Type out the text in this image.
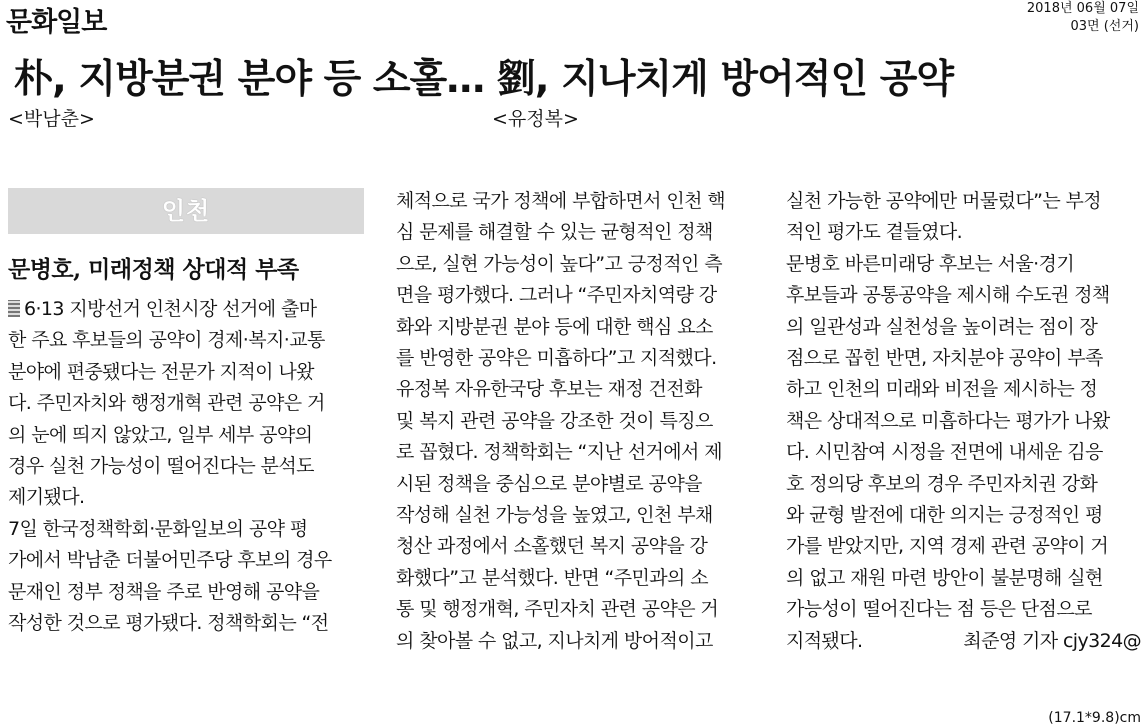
문화일보	2018년 06월 07일
03면 (선거)
朴, 지방분권 분야 등 소홀… 劉, 지나치게 방어적인 공약
<박남춘>	<유정복>
인천
문병호, 미래정책 상대적 부족
6·13 지방선거 인천시장 선거에 출마

한 주요 후보들의 공약이 경제·복지·교통
분야에 편중됐다는 전문가 지적이 나왔
다. 주민자치와 행정개혁 관련 공약은 거
의 눈에 띄지 않았고, 일부 세부 공약의
경우 실천 가능성이 떨어진다는 분석도
제기됐다.
7일 한국정책학회·문화일보의 공약 평
가에서 박남춘 더불어민주당 후보의 경우
문재인 정부 정책을 주로 반영해 공약을
작성한 것으로 평가됐다. 정책학회는 “전
체적으로 국가 정책에 부합하면서 인천 핵
심 문제를 해결할 수 있는 균형적인 정책
으로, 실현 가능성이 높다”고 긍정적인 측
면을 평가했다. 그러나 “주민자치역량 강
화와 지방분권 분야 등에 대한 핵심 요소
를 반영한 공약은 미흡하다”고 지적했다.
유정복 자유한국당 후보는 재정 건전화
및 복지 관련 공약을 강조한 것이 특징으
로 꼽혔다. 정책학회는 “지난 선거에서 제
시된 정책을 중심으로 분야별로 공약을
작성해 실천 가능성을 높였고, 인천 부채
청산 과정에서 소홀했던 복지 공약을 강
화했다”고 분석했다. 반면 “주민과의 소
통 및 행정개혁, 주민자치 관련 공약은 거
의 찾아볼 수 없고, 지나치게 방어적이고
실천 가능한 공약에만 머물렀다”는 부정
적인 평가도 곁들였다.
문병호 바른미래당 후보는 서울·경기
후보들과 공통공약을 제시해 수도권 정책
의 일관성과 실천성을 높이려는 점이 장
점으로 꼽힌 반면, 자치분야 공약이 부족
하고 인천의 미래와 비전을 제시하는 정
책은 상대적으로 미흡하다는 평가가 나왔
다. 시민참여 시정을 전면에 내세운 김응
호 정의당 후보의 경우 주민자치권 강화
와 균형 발전에 대한 의지는 긍정적인 평
가를 받았지만, 지역 경제 관련 공약이 거
의 없고 재원 마련 방안이 불분명해 실현
가능성이 떨어진다는 점 등은 단점으로
지적됐다.	최준영 기자 cjy324@
(17.1*9.8)cm
